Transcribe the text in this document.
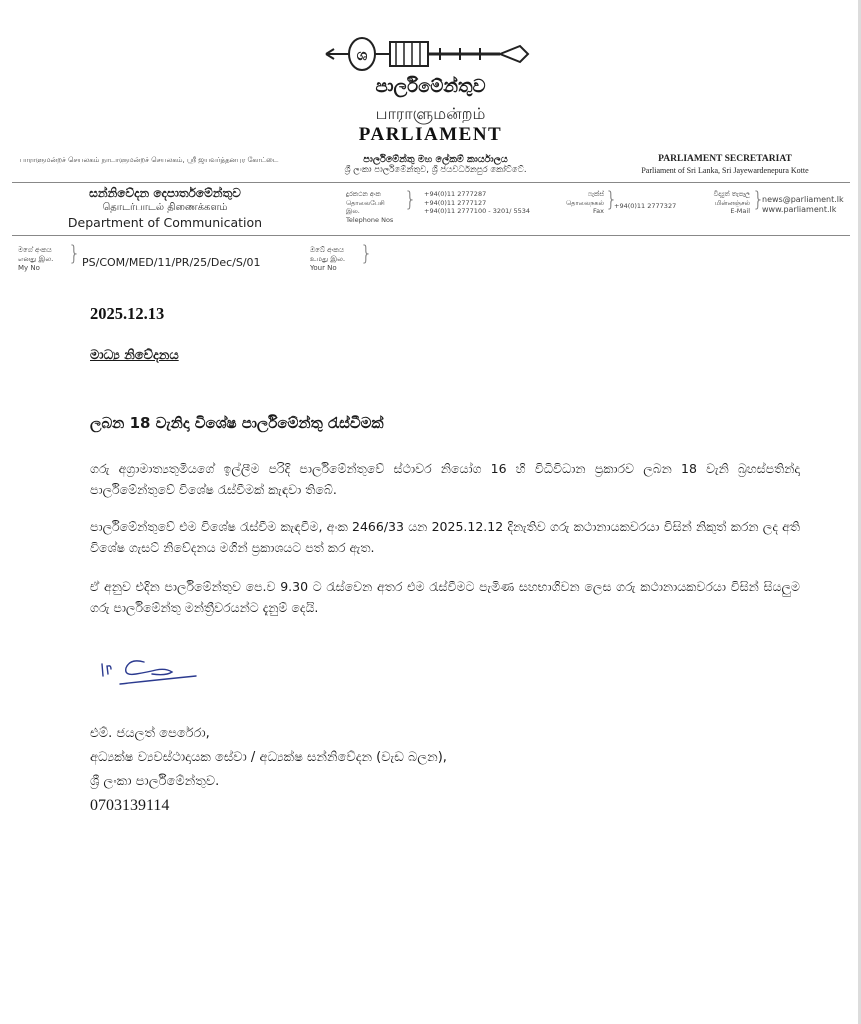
ශ
පාර්ලිමේන්තුව
பாராளுமன்றம்
PARLIAMENT
பாராளுமன்றச் செயலகம் நாடாளுமன்றச் செயலகம், ஸ்ரீ ஜயவர்த்தனபுர கோட்டை	පාර්ලිමේන්තු මහ ලේකම් කාර්යාලය
ශ්‍රී ලංකා පාර්ලිමේන්තුව, ශ්‍රී ජයවර්ධනපුර කෝට්ටේ.
PARLIAMENT SECRETARIAT
Parliament of Sri Lanka, Sri Jayewardenepura Kotte
සන්නිවේදන දෙපාර්තමේන්තුව
தொடர்பாடல் திணைக்களம்
Department of Communication
දුරකථන අංක
தொலைபேசி இல.
Telephone Nos
} +94(0)11 2777287
+94(0)11 2777127
+94(0)11 2777100 - 3201/ 5534
ෆැක්ස්
தொலைநகல்
Fax }
+94(0)11 2777327
විද්‍යුත් තැපෑල
மின்னஞ்சல்
E-Mail }
news@parliament.lk
www.parliament.lk
මගේ අංකය
எனது இல.
My No
} PS/COM/MED/11/PR/25/Dec/S/01
ඔබේ අංකය
உமது இல.
Your No
}
2025.12.13
මාධ්‍ය නිවේදනය
ලබන 18 වැනිදා විශේෂ පාර්ලිමේන්තු රැස්වීමක්
ගරු අග්‍රාමාත්‍යතුමියගේ ඉල්ලීම පරිදි පාර්ලිමේන්තුවේ ස්ථාවර නියෝග 16 හි විධිවිධාන ප්‍රකාරව ලබන 18 වැනි බ්‍රහස්පතින්දා පාර්ලිමේන්තුවේ විශේෂ රැස්වීමක් කැඳවා තිබේ.
පාර්ලිමේන්තුවේ එම විශේෂ රැස්වීම කැඳවීම, අංක 2466/33 යන 2025.12.12 දිනැතිව ගරු කථානායකවරයා විසින් නිකුත් කරන ලද අති විශේෂ ගැසට් නිවේදනය මගින් ප්‍රකාශයට පත් කර ඇත.
ඒ අනුව එදින පාර්ලිමේන්තුව පෙ.ව 9.30 ට රැස්වෙන අතර එම රැස්වීමට පැමිණ සහභාගිවන ලෙස ගරු කථානායකවරයා විසින් සියලුම ගරු පාර්ලිමේන්තු මන්ත්‍රීවරයන්ට දැනුම් දෙයි.
එම්. ජයලත් පෙරේරා,
අධ්‍යක්ෂ ව්‍යවස්ථාදායක සේවා / අධ්‍යක්ෂ සන්නිවේදන (වැඩ බලන),
ශ්‍රී ලංකා පාර්ලිමේන්තුව.
0703139114
